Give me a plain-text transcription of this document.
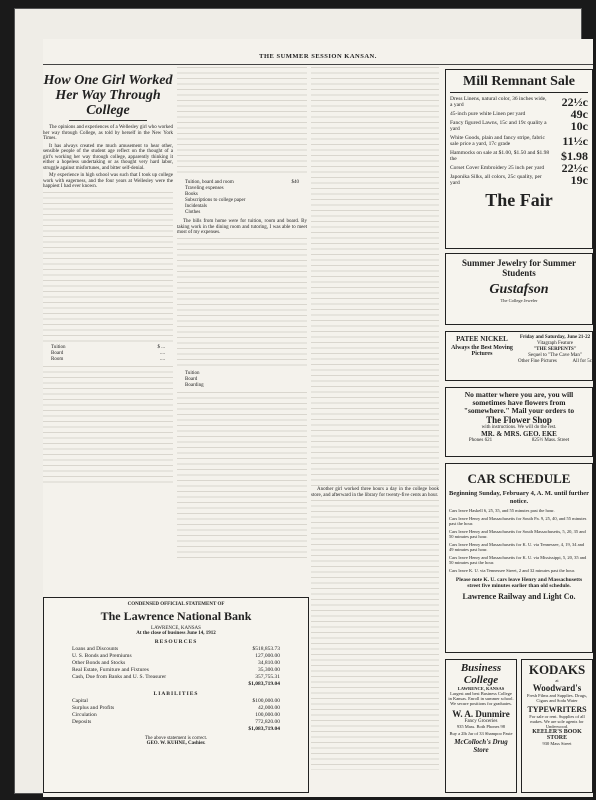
THE SUMMER SESSION KANSAN.
How One Girl Worked Her Way Through College

The opinions and experiences of a Wellesley girl who worked her way through College, as told by herself in the New York Times.

It has always created me much amusement to hear other, sensible people of the student age reflect on the thought of a girl's working her way through college, apparently thinking it either a hopeless undertaking or as thought very hard labor, struggle against misfortunes, and bitter self-denial.

My experience in high school was such that I took up college work with eagerness, and the four years at Wellesley were the happiest I had ever known.

Tuition	$ ...
Board	....
Room	....
Tuition, board and room	$40
Traveling expenses
Books
Subscriptions to college paper
Incidentals
Clothes

The bills from home were for tuition, room and board. By taking work in the dining room and tutoring, I was able to meet most of my expenses.

Tuition
Board
Boarding

Another girl worked three hours a day in the college book store, and afterward in the library for twenty-five cents an hour.

CONDENSED OFFICIAL STATEMENT OF
The Lawrence National Bank
LAWRENCE, KANSAS
At the close of business June 14, 1912
RESOURCES
Loans and Discounts	$518,853.73
U. S. Bonds and Premiums	127,000.00
Other Bonds and Stocks	34,810.00
Real Estate, Furniture and Fixtures	35,300.00
Cash, Due from Banks and U. S. Treasurer	357,755.31
$1,083,719.04
LIABILITIES
Capital	$100,000.00
Surplus and Profits	42,000.00
Circulation	100,000.00
Deposits	772,820.00
$1,083,719.04
The above statement is correct.
GEO. W. KUHNE, Cashier.
Mill Remnant Sale
Dress Linens, natural color, 36 inches wide, a yard	22½c
45-inch pure white Linen per yard	49c
Fancy figured Lawns, 15c and 19c quality a yard	10c
White Goods, plain and fancy stripe, fabric sale price a yard, 17c grade	11½c
Hammocks on sale at $1.00, $1.50 and $1.98 the	$1.98
Corset Cover Embroidery 25 inch per yard	22½c
Japonika Silks, all colors, 25c quality, per yard	19c
The Fair
Summer Jewelry for Summer Students
Gustafson
The College Jeweler
PATEE NICKEL
Always the Best Moving Pictures
Friday and Saturday, June 21-22
Vitagraph Feature
"THE SERPENTS"
Sequel to "The Cave Man"
Other Fine Pictures	All for 5c
No matter where you are, you will sometimes have flowers from "somewhere." Mail your orders to
The Flower Shop
with instructions. We will do the rest.
MR. & MRS. GEO. EKE
Phones 621	825½ Mass. Street
CAR SCHEDULE
Beginning Sunday, February 4, A. M. until further notice.
Cars leave Haskell 6, 25, 35, and 55 minutes past the hour.
Cars leave Henry and Massachusetts for South Pa. 9, 25, 40, and 55 minutes past the hour.
Cars leave Henry and Massachusetts for South Massachusetts, 5, 20, 35 and 50 minutes past hour.
Cars leave Henry and Massachusetts for K. U. via Tennessee, 4, 19, 34 and 49 minutes past hour.
Cars leave Henry and Massachusetts for K. U. via Mississippi, 5, 20, 35 and 50 minutes past the hour.
Cars leave K. U. via Tennessee Street, 2 and 32 minutes past the hour.
Please note K. U. cars leave Henry and Massachusetts street five minutes earlier than old schedule.
Lawrence Railway and Light Co.
Business College
LAWRENCE, KANSAS
Largest and best Business College in Kansas. Enroll in summer school. We secure positions for graduates.
W. A. Dunmire
Fancy Groceries
935 Mass. Both Phones 98
Buy a 2lb Jar of 33 Shampoo Paste
McColloch's Drug Store
KODAKS
at
Woodward's
Fresh Films and Supplies. Drugs, Cigars and Soda Water
TYPEWRITERS
For sale or rent. Supplies of all makes. We are sole agents for Underwood.
KEELER'S BOOK STORE
930 Mass Street
